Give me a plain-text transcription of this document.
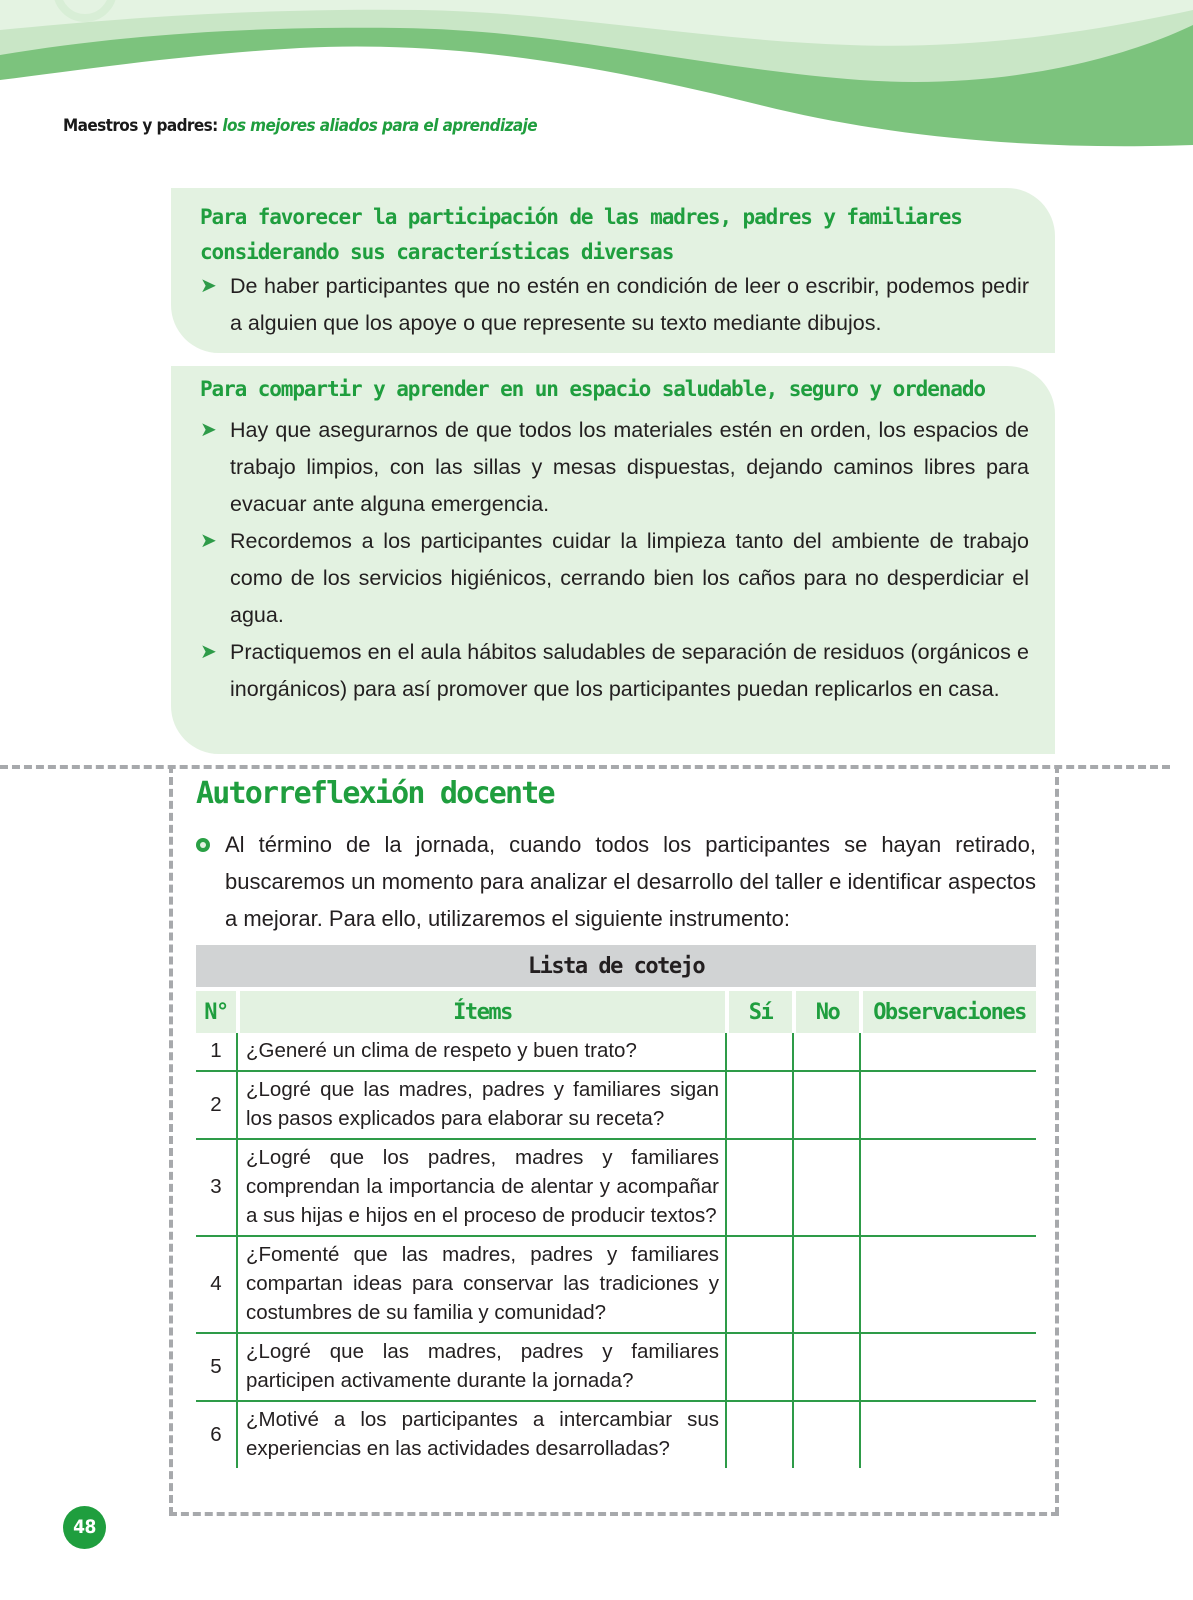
Maestros y padres: los mejores aliados para el aprendizaje
Para favorecer la participación de las madres, padres y familiares considerando sus características diversas
➤ De haber participantes que no estén en condición de leer o escribir, podemos pedir a alguien que los apoye o que represente su texto mediante dibujos.
Para compartir y aprender en un espacio saludable, seguro y ordenado
➤ Hay que asegurarnos de que todos los materiales estén en orden, los espacios de trabajo limpios, con las sillas y mesas dispuestas, dejando caminos libres para evacuar ante alguna emergencia.
➤ Recordemos a los participantes cuidar la limpieza tanto del ambiente de trabajo como de los servicios higiénicos, cerrando bien los caños para no desperdiciar el agua.
➤ Practiquemos en el aula hábitos saludables de separación de residuos (orgánicos e inorgánicos) para así promover que los participantes puedan replicarlos en casa.
Autorreflexión docente
Al término de la jornada, cuando todos los participantes se hayan retirado, buscaremos un momento para analizar el desarrollo del taller e identificar aspectos a mejorar. Para ello, utilizaremos el siguiente instrumento:
Lista de cotejo				
N°	Ítems	Sí	No	Observaciones
1	¿Generé un clima de respeto y buen trato?			
2	¿Logré que las madres, padres y familiares sigan los pasos explicados para elaborar su receta?			
3	¿Logré que los padres, madres y familiares comprendan la importancia de alentar y acompañar a sus hijas e hijos en el proceso de producir textos?			
4	¿Fomenté que las madres, padres y familiares compartan ideas para conservar las tradiciones y costumbres de su familia y comunidad?			
5	¿Logré que las madres, padres y familiares participen activamente durante la jornada?			
6	¿Motivé a los participantes a intercambiar sus experiencias en las actividades desarrolladas?			
48
